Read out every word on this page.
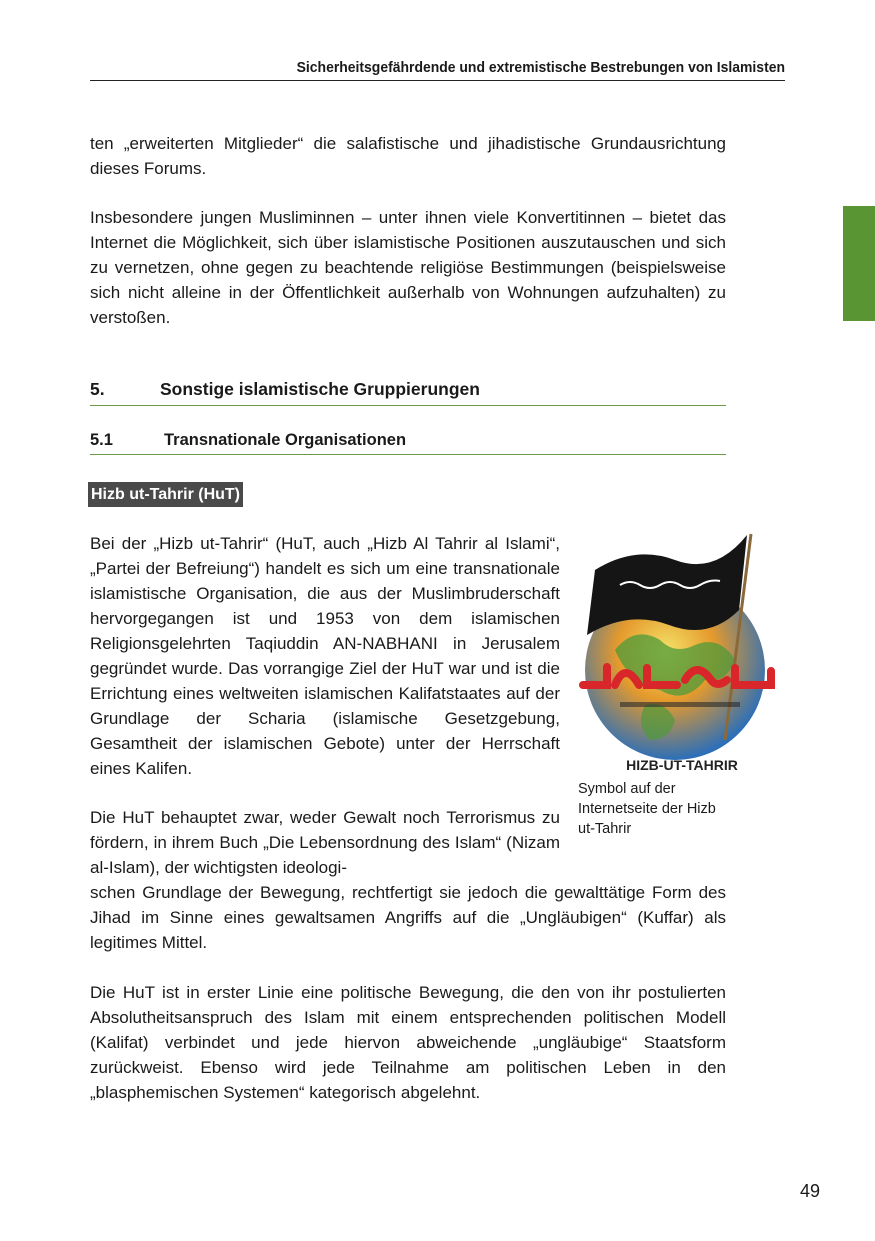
Sicherheitsgefährdende und extremistische Bestrebungen von Islamisten

ten „erweiterten Mitglieder“ die salafistische und jihadistische Grundausrichtung dieses Forums.

Insbesondere jungen Musliminnen – unter ihnen viele Konvertitinnen – bietet das Internet die Möglichkeit, sich über islamistische Positionen auszutauschen und sich zu vernetzen, ohne gegen zu beachtende religiöse Bestimmungen (beispielsweise sich nicht alleine in der Öffentlichkeit außerhalb von Wohnungen aufzuhalten) zu verstoßen.

5.	Sonstige islamistische Gruppierungen
5.1	Transnationale Organisationen
Hizb ut-Tahrir (HuT)

Bei der „Hizb ut-Tahrir“ (HuT, auch „Hizb Al Tahrir al Islami“, „Partei der Befreiung“) handelt es sich um eine transnationale islamistische Organisation, die aus der Muslimbruderschaft hervorgegangen ist und 1953 von dem islamischen Religionsgelehrten Taqiuddin AN-NABHANI in Jerusalem gegründet wurde. Das vorrangige Ziel der HuT war und ist die Errichtung eines weltweiten islamischen Kalifatstaates auf der Grundlage der Scharia (islamische Gesetzgebung, Gesamtheit der islamischen Gebote) unter der Herrschaft eines Kalifen.

Die HuT behauptet zwar, weder Gewalt noch Terrorismus zu fördern, in ihrem Buch „Die Lebensordnung des Islam“ (Nizam al-Islam), der wichtigsten ideologi-

schen Grundlage der Bewegung, rechtfertigt sie jedoch die gewalttätige Form des Jihad im Sinne eines gewaltsamen Angriffs auf die „Ungläubigen“ (Kuffar) als legitimes Mittel.

Die HuT ist in erster Linie eine politische Bewegung, die den von ihr postulierten Absolutheitsanspruch des Islam mit einem entsprechenden politischen Modell (Kalifat) verbindet und jede hiervon abweichende „ungläubige“ Staatsform zurückweist. Ebenso wird jede Teilnahme am politischen Leben in den „blasphemischen Systemen“ kategorisch abgelehnt.

HIZB-UT-TAHRIR
Symbol auf der Internetseite der Hizb ut-Tahrir
49
